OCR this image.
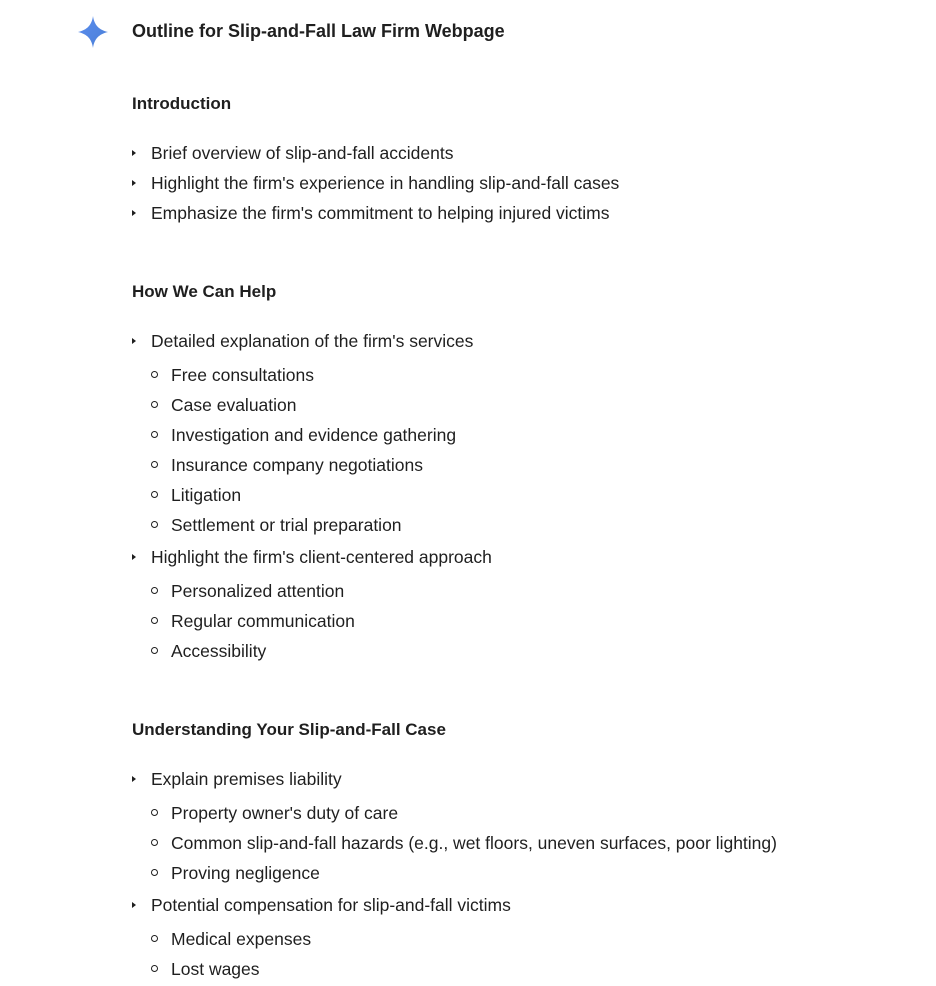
Outline for Slip-and-Fall Law Firm Webpage
Introduction
Brief overview of slip-and-fall accidents
Highlight the firm's experience in handling slip-and-fall cases
Emphasize the firm's commitment to helping injured victims
How We Can Help
Detailed explanation of the firm's services
Free consultations
Case evaluation
Investigation and evidence gathering
Insurance company negotiations
Litigation
Settlement or trial preparation
Highlight the firm's client-centered approach
Personalized attention
Regular communication
Accessibility
Understanding Your Slip-and-Fall Case
Explain premises liability
Property owner's duty of care
Common slip-and-fall hazards (e.g., wet floors, uneven surfaces, poor lighting)
Proving negligence
Potential compensation for slip-and-fall victims
Medical expenses
Lost wages
